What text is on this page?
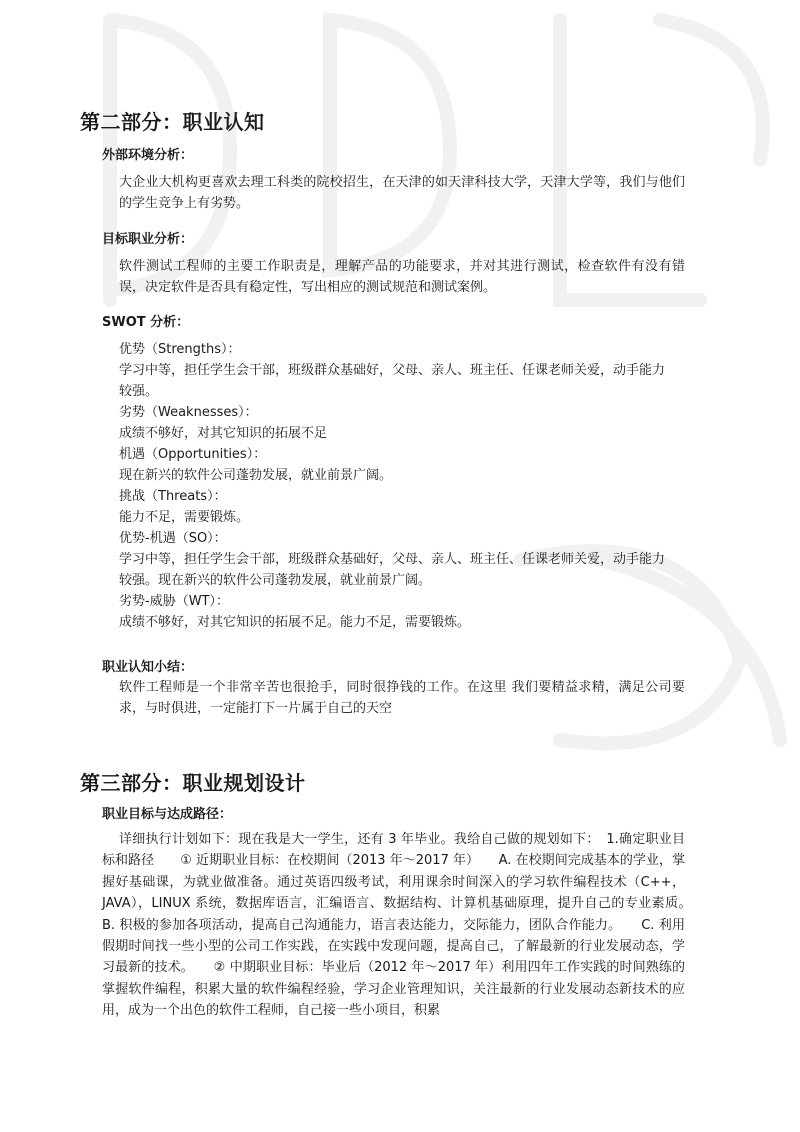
第二部分：职业认知
外部环境分析：

大企业大机构更喜欢去理工科类的院校招生，在天津的如天津科技大学，天津大学等，我们与他们的学生竞争上有劣势。

目标职业分析：

软件测试工程师的主要工作职责是，理解产品的功能要求，并对其进行测试，检查软件有没有错误，决定软件是否具有稳定性，写出相应的测试规范和测试案例。

SWOT 分析：
优势（Strengths）：
学习中等，担任学生会干部，班级群众基础好，父母、亲人、班主任、任课老师关爱，动手能力
较强。
劣势（Weaknesses）：
成绩不够好，对其它知识的拓展不足
机遇（Opportunities）：
现在新兴的软件公司蓬勃发展，就业前景广阔。
挑战（Threats）：
能力不足，需要锻炼。
优势-机遇（SO）：
学习中等，担任学生会干部，班级群众基础好，父母、亲人、班主任、任课老师关爱，动手能力
较强。现在新兴的软件公司蓬勃发展，就业前景广阔。
劣势-威胁（WT）：
成绩不够好，对其它知识的拓展不足。能力不足，需要锻炼。
职业认知小结：

软件工程师是一个非常辛苦也很抢手，同时很挣钱的工作。在这里 我们要精益求精，满足公司要求，与时俱进，一定能打下一片属于自己的天空

第三部分：职业规划设计
职业目标与达成路径：

详细执行计划如下：现在我是大一学生，还有 3 年毕业。我给自己做的规划如下：　1.确定职业目标和路径　　① 近期职业目标：在校期间（2013 年～2017 年）　　A. 在校期间完成基本的学业，掌握好基础课，为就业做准备。通过英语四级考试，利用课余时间深入的学习软件编程技术（C++，JAVA），LINUX 系统，数据库语言，汇编语言、数据结构、计算机基础原理，提升自己的专业素质。　　B. 积极的参加各项活动，提高自己沟通能力，语言表达能力，交际能力，团队合作能力。　　C. 利用假期时间找一些小型的公司工作实践，在实践中发现问题，提高自己，了解最新的行业发展动态，学习最新的技术。　　② 中期职业目标：毕业后（2012 年～2017 年）利用四年工作实践的时间熟练的掌握软件编程，积累大量的软件编程经验，学习企业管理知识，关注最新的行业发展动态新技术的应用，成为一个出色的软件工程师，自己接一些小项目，积累
